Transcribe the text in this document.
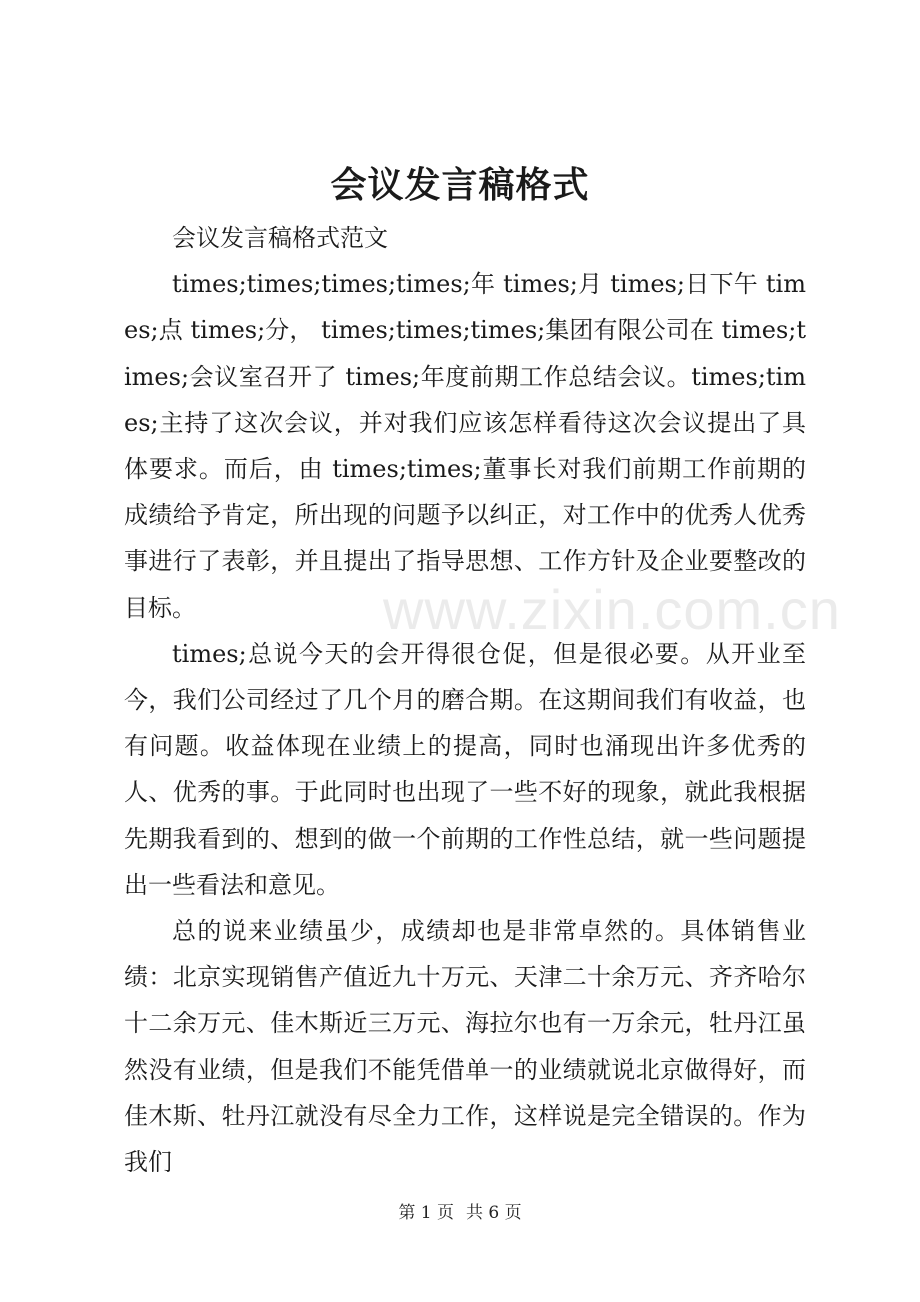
www.zixin.com.cn
会议发言稿格式

会议发言稿格式范文

times;times;times;times;年 times;月 times;日下午 times;点 times;分， times;times;times;集团有限公司在 times;times;会议室召开了 times;年度前期工作总结会议。times;times;主持了这次会议，并对我们应该怎样看待这次会议提出了具体要求。而后，由 times;times;董事长对我们前期工作前期的成绩给予肯定，所出现的问题予以纠正，对工作中的优秀人优秀事进行了表彰，并且提出了指导思想、工作方针及企业要整改的目标。

times;总说今天的会开得很仓促，但是很必要。从开业至今，我们公司经过了几个月的磨合期。在这期间我们有收益，也有问题。收益体现在业绩上的提高，同时也涌现出许多优秀的人、优秀的事。于此同时也出现了一些不好的现象，就此我根据先期我看到的、想到的做一个前期的工作性总结，就一些问题提出一些看法和意见。

总的说来业绩虽少，成绩却也是非常卓然的。具体销售业绩：北京实现销售产值近九十万元、天津二十余万元、齐齐哈尔十二余万元、佳木斯近三万元、海拉尔也有一万余元，牡丹江虽然没有业绩，但是我们不能凭借单一的业绩就说北京做得好，而佳木斯、牡丹江就没有尽全力工作，这样说是完全错误的。作为我们

第 1 页 共 6 页
